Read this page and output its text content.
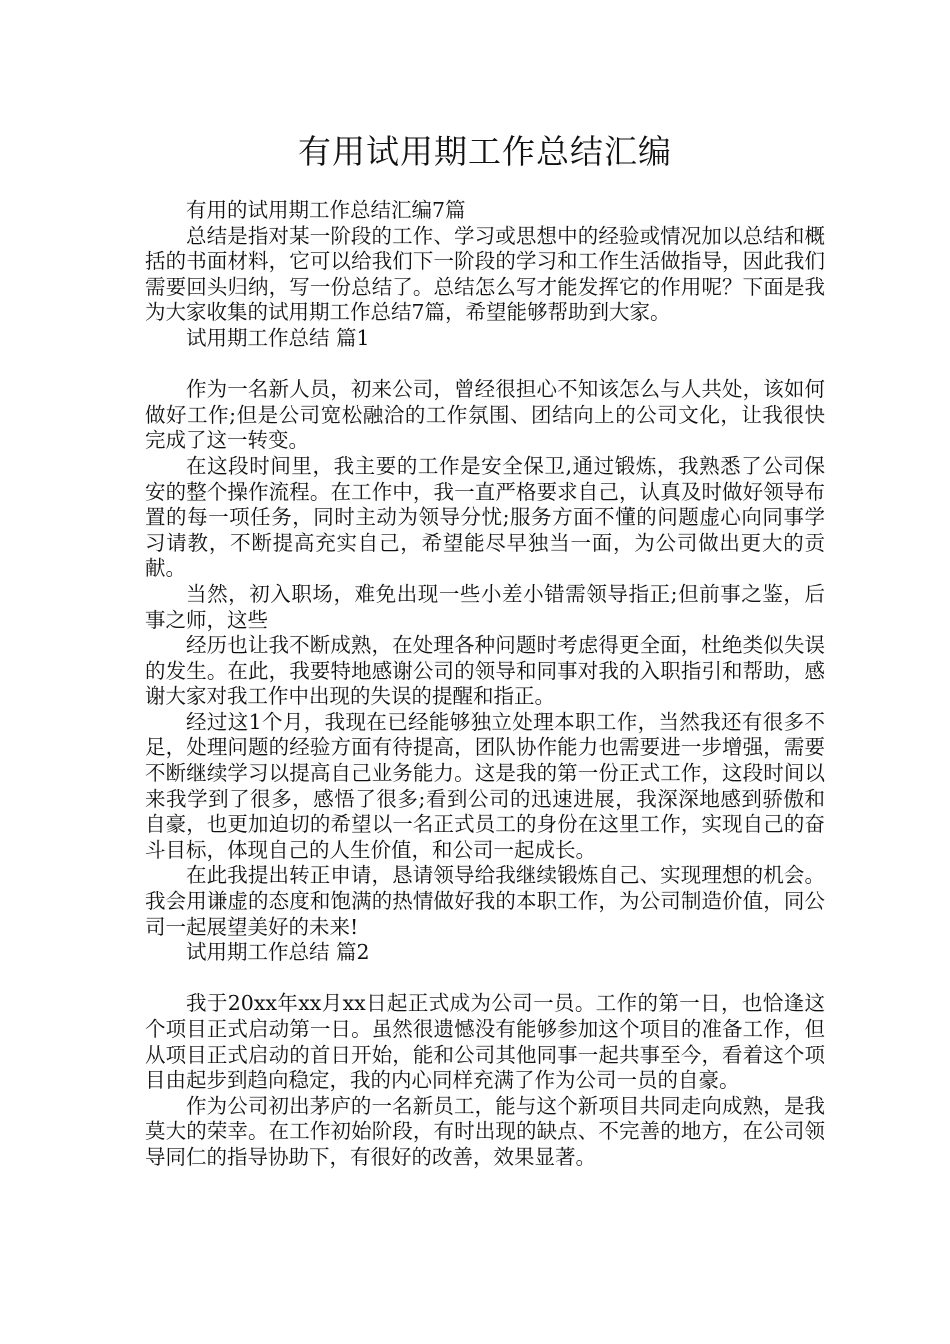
有用试用期工作总结汇编

有用的试用期工作总结汇编7篇

总结是指对某一阶段的工作、学习或思想中的经验或情况加以总结和概括的书面材料，它可以给我们下一阶段的学习和工作生活做指导，因此我们需要回头归纳，写一份总结了。总结怎么写才能发挥它的作用呢？下面是我为大家收集的试用期工作总结7篇，希望能够帮助到大家。

试用期工作总结 篇1

作为一名新人员，初来公司，曾经很担心不知该怎么与人共处，该如何做好工作;但是公司宽松融洽的工作氛围、团结向上的公司文化，让我很快完成了这一转变。

在这段时间里，我主要的工作是安全保卫,通过锻炼，我熟悉了公司保安的整个操作流程。在工作中，我一直严格要求自己，认真及时做好领导布置的每一项任务，同时主动为领导分忧;服务方面不懂的问题虚心向同事学习请教，不断提高充实自己，希望能尽早独当一面，为公司做出更大的贡献。

当然，初入职场，难免出现一些小差小错需领导指正;但前事之鉴，后事之师，这些

经历也让我不断成熟，在处理各种问题时考虑得更全面，杜绝类似失误的发生。在此，我要特地感谢公司的领导和同事对我的入职指引和帮助，感谢大家对我工作中出现的失误的提醒和指正。

经过这1个月，我现在已经能够独立处理本职工作，当然我还有很多不足，处理问题的经验方面有待提高，团队协作能力也需要进一步增强，需要不断继续学习以提高自己业务能力。这是我的第一份正式工作，这段时间以来我学到了很多，感悟了很多;看到公司的迅速进展，我深深地感到骄傲和自豪，也更加迫切的希望以一名正式员工的身份在这里工作，实现自己的奋斗目标，体现自己的人生价值，和公司一起成长。

在此我提出转正申请，恳请领导给我继续锻炼自己、实现理想的机会。我会用谦虚的态度和饱满的热情做好我的本职工作，为公司制造价值，同公司一起展望美好的未来!

试用期工作总结 篇2

我于20xx年xx月xx日起正式成为公司一员。工作的第一日，也恰逢这个项目正式启动第一日。虽然很遗憾没有能够参加这个项目的准备工作，但从项目正式启动的首日开始，能和公司其他同事一起共事至今，看着这个项目由起步到趋向稳定，我的内心同样充满了作为公司一员的自豪。

作为公司初出茅庐的一名新员工，能与这个新项目共同走向成熟，是我莫大的荣幸。在工作初始阶段，有时出现的缺点、不完善的地方，在公司领导同仁的指导协助下，有很好的改善，效果显著。
